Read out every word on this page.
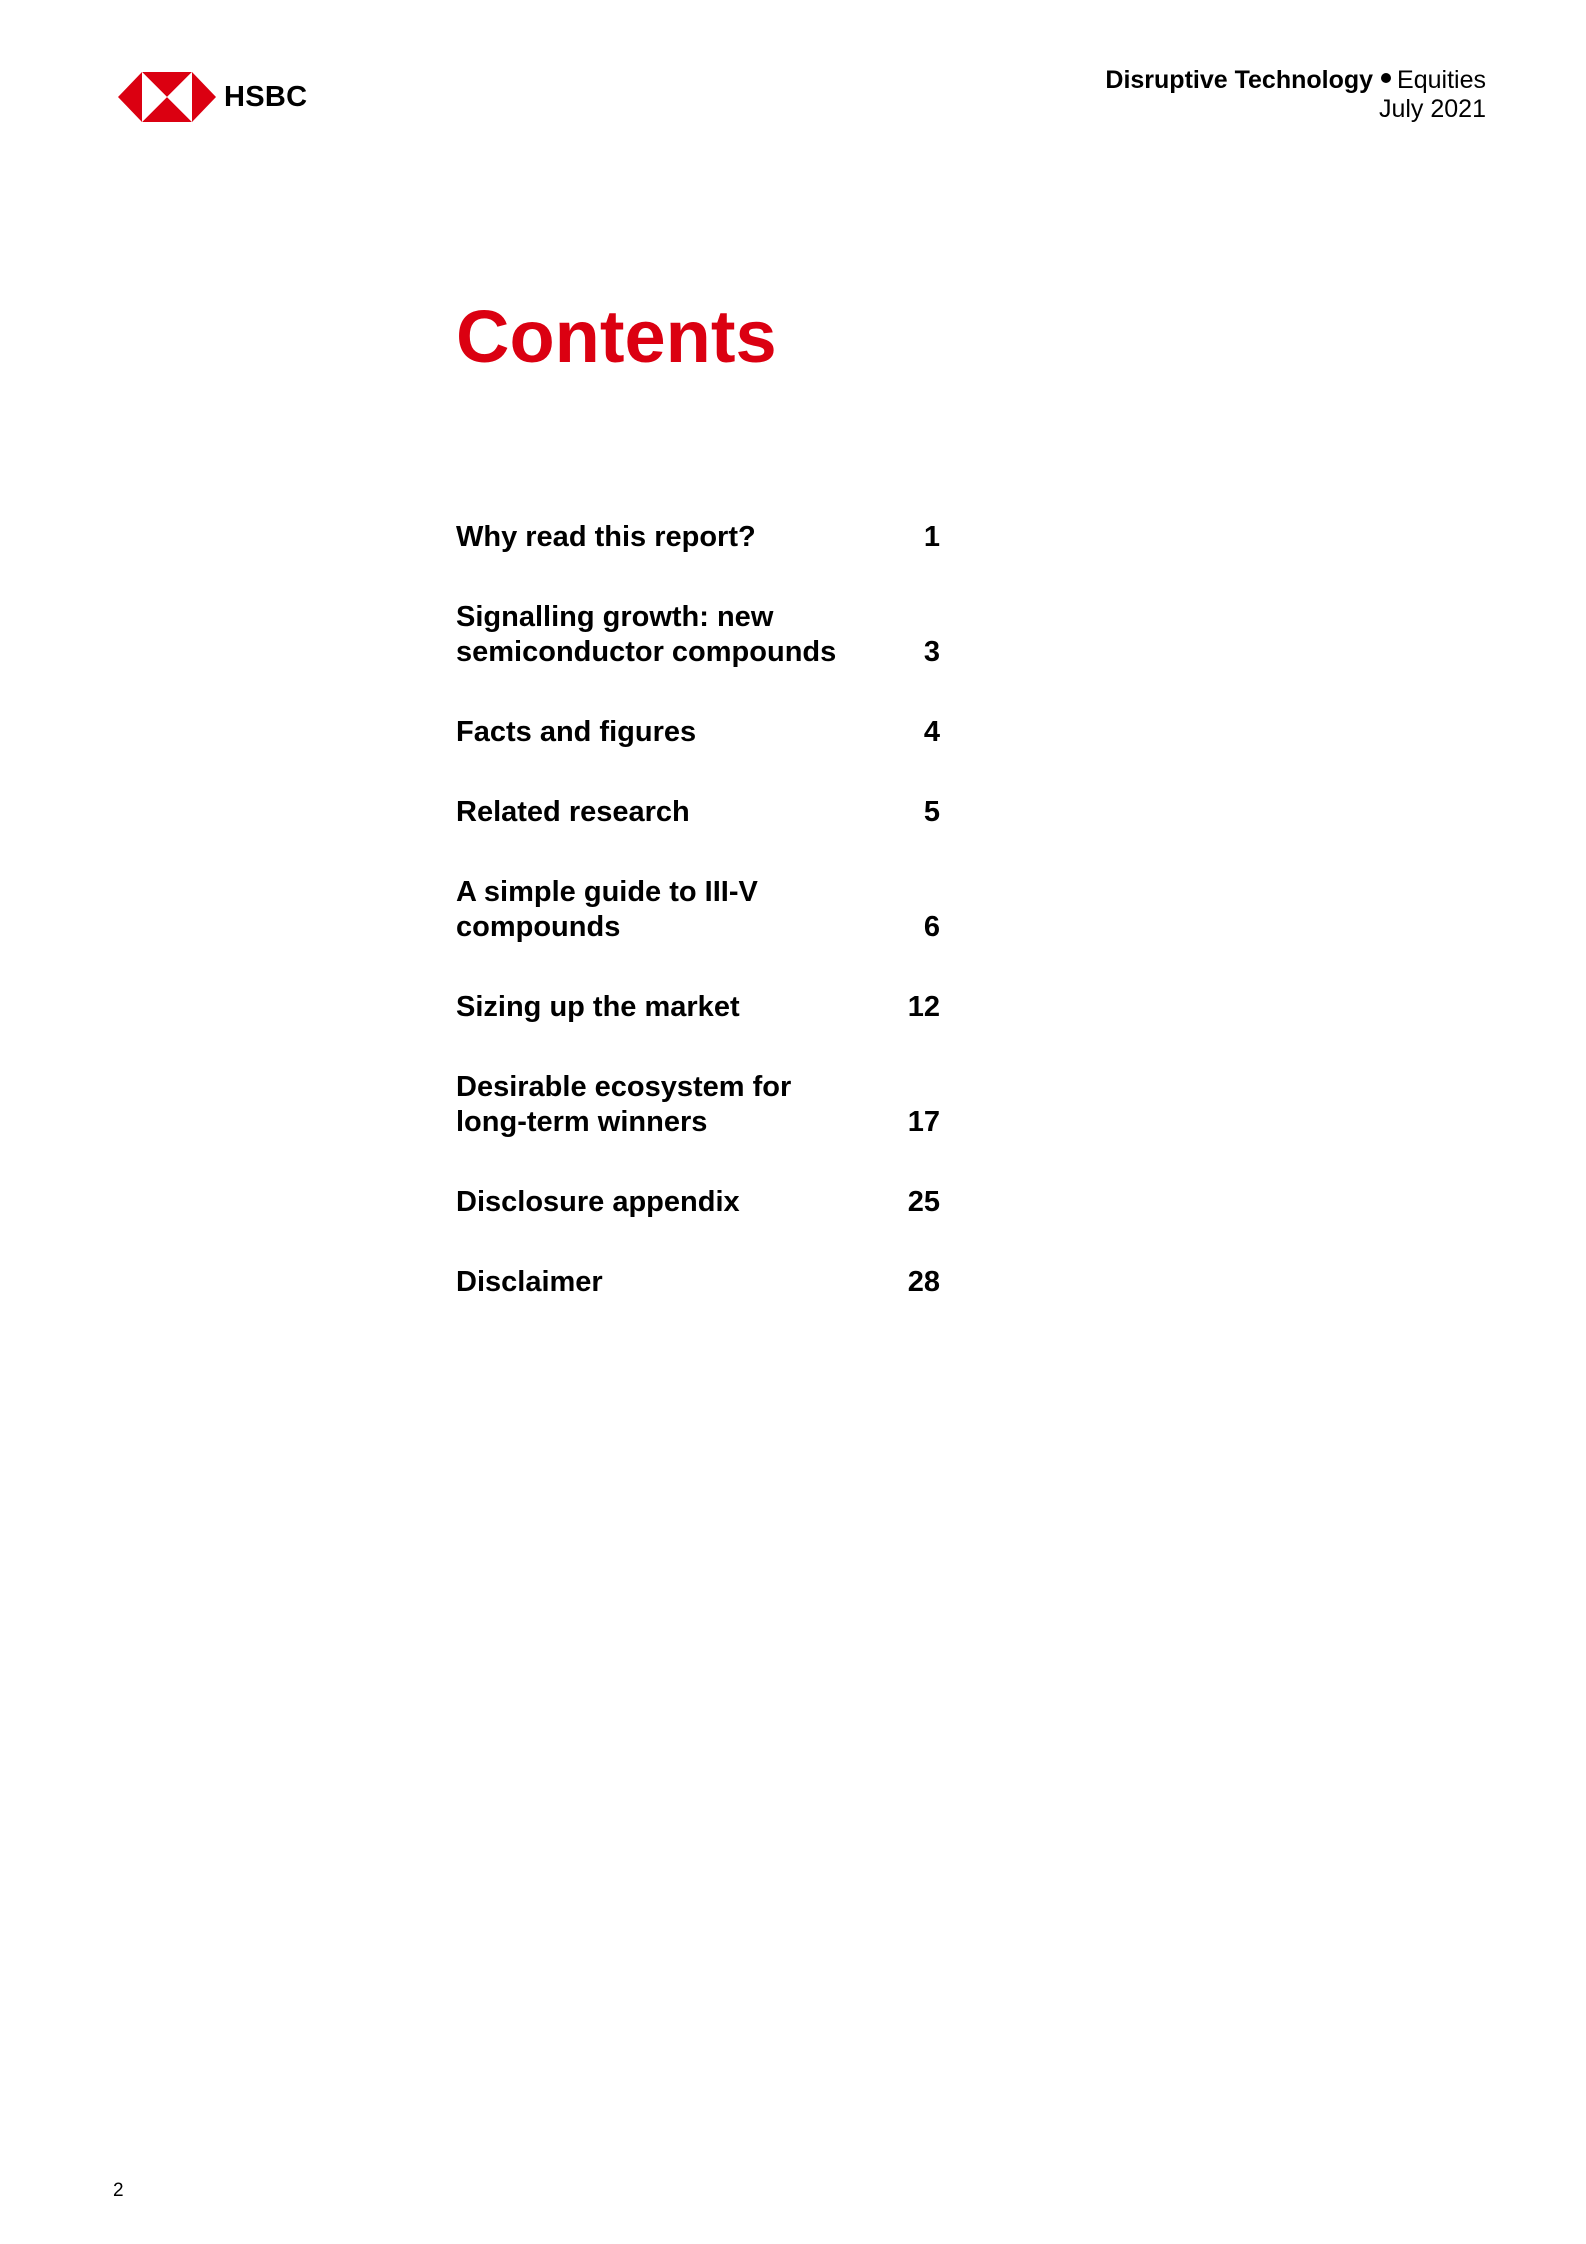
HSBC
Disruptive Technology Equities
July 2021
Contents
Why read this report?	1
Signalling growth: new
semiconductor compounds	3
Facts and figures	4
Related research	5
A simple guide to III-V
compounds	6
Sizing up the market	12
Desirable ecosystem for
long-term winners	17
Disclosure appendix	25
Disclaimer	28
2
